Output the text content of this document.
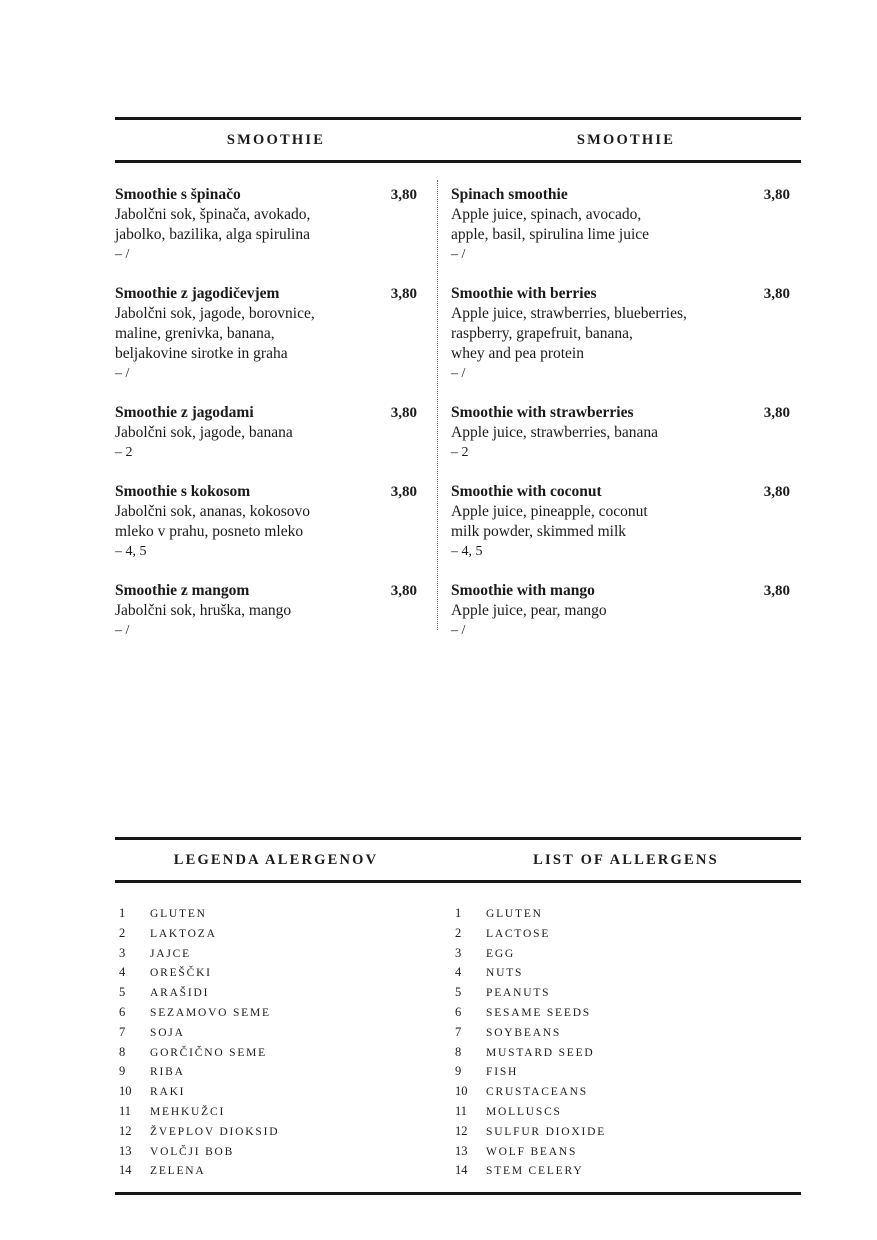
SMOOTHIE	SMOOTHIE
Smoothie s špinačo	3,80
Jabolčni sok, špinača, avokado,
jabolko, bazilika, alga spirulina
– /
Spinach smoothie	3,80
Apple juice, spinach, avocado,
apple, basil, spirulina lime juice
– /
Smoothie z jagodičevjem	3,80
Jabolčni sok, jagode, borovnice,
maline, grenivka, banana,
beljakovine sirotke in graha
– /
Smoothie with berries	3,80
Apple juice, strawberries, blueberries,
raspberry, grapefruit, banana,
whey and pea protein
– /
Smoothie z jagodami	3,80
Jabolčni sok, jagode, banana
– 2
Smoothie with strawberries	3,80
Apple juice, strawberries, banana
– 2
Smoothie s kokosom	3,80
Jabolčni sok, ananas, kokosovo
mleko v prahu, posneto mleko
– 4, 5
Smoothie with coconut	3,80
Apple juice, pineapple, coconut
milk powder, skimmed milk
– 4, 5
Smoothie z mangom	3,80
Jabolčni sok, hruška, mango
– /
Smoothie with mango	3,80
Apple juice, pear, mango
– /
LEGENDA ALERGENOV	LIST OF ALLERGENS
1 GLUTEN	1 GLUTEN
2 LAKTOZA	2 LACTOSE
3 JAJCE	3 EGG
4 OREŠČKI	4 NUTS
5 ARAŠIDI	5 PEANUTS
6 SEZAMOVO SEME	6 SESAME SEEDS
7 SOJA	7 SOYBEANS
8 GORČIČNO SEME	8 MUSTARD SEED
9 RIBA	9 FISH
10 RAKI	10 CRUSTACEANS
11 MEHKUŽCI	11 MOLLUSCS
12 ŽVEPLOV DIOKSID	12 SULFUR DIOXIDE
13 VOLČJI BOB	13 WOLF BEANS
14 ZELENA	14 STEM CELERY
